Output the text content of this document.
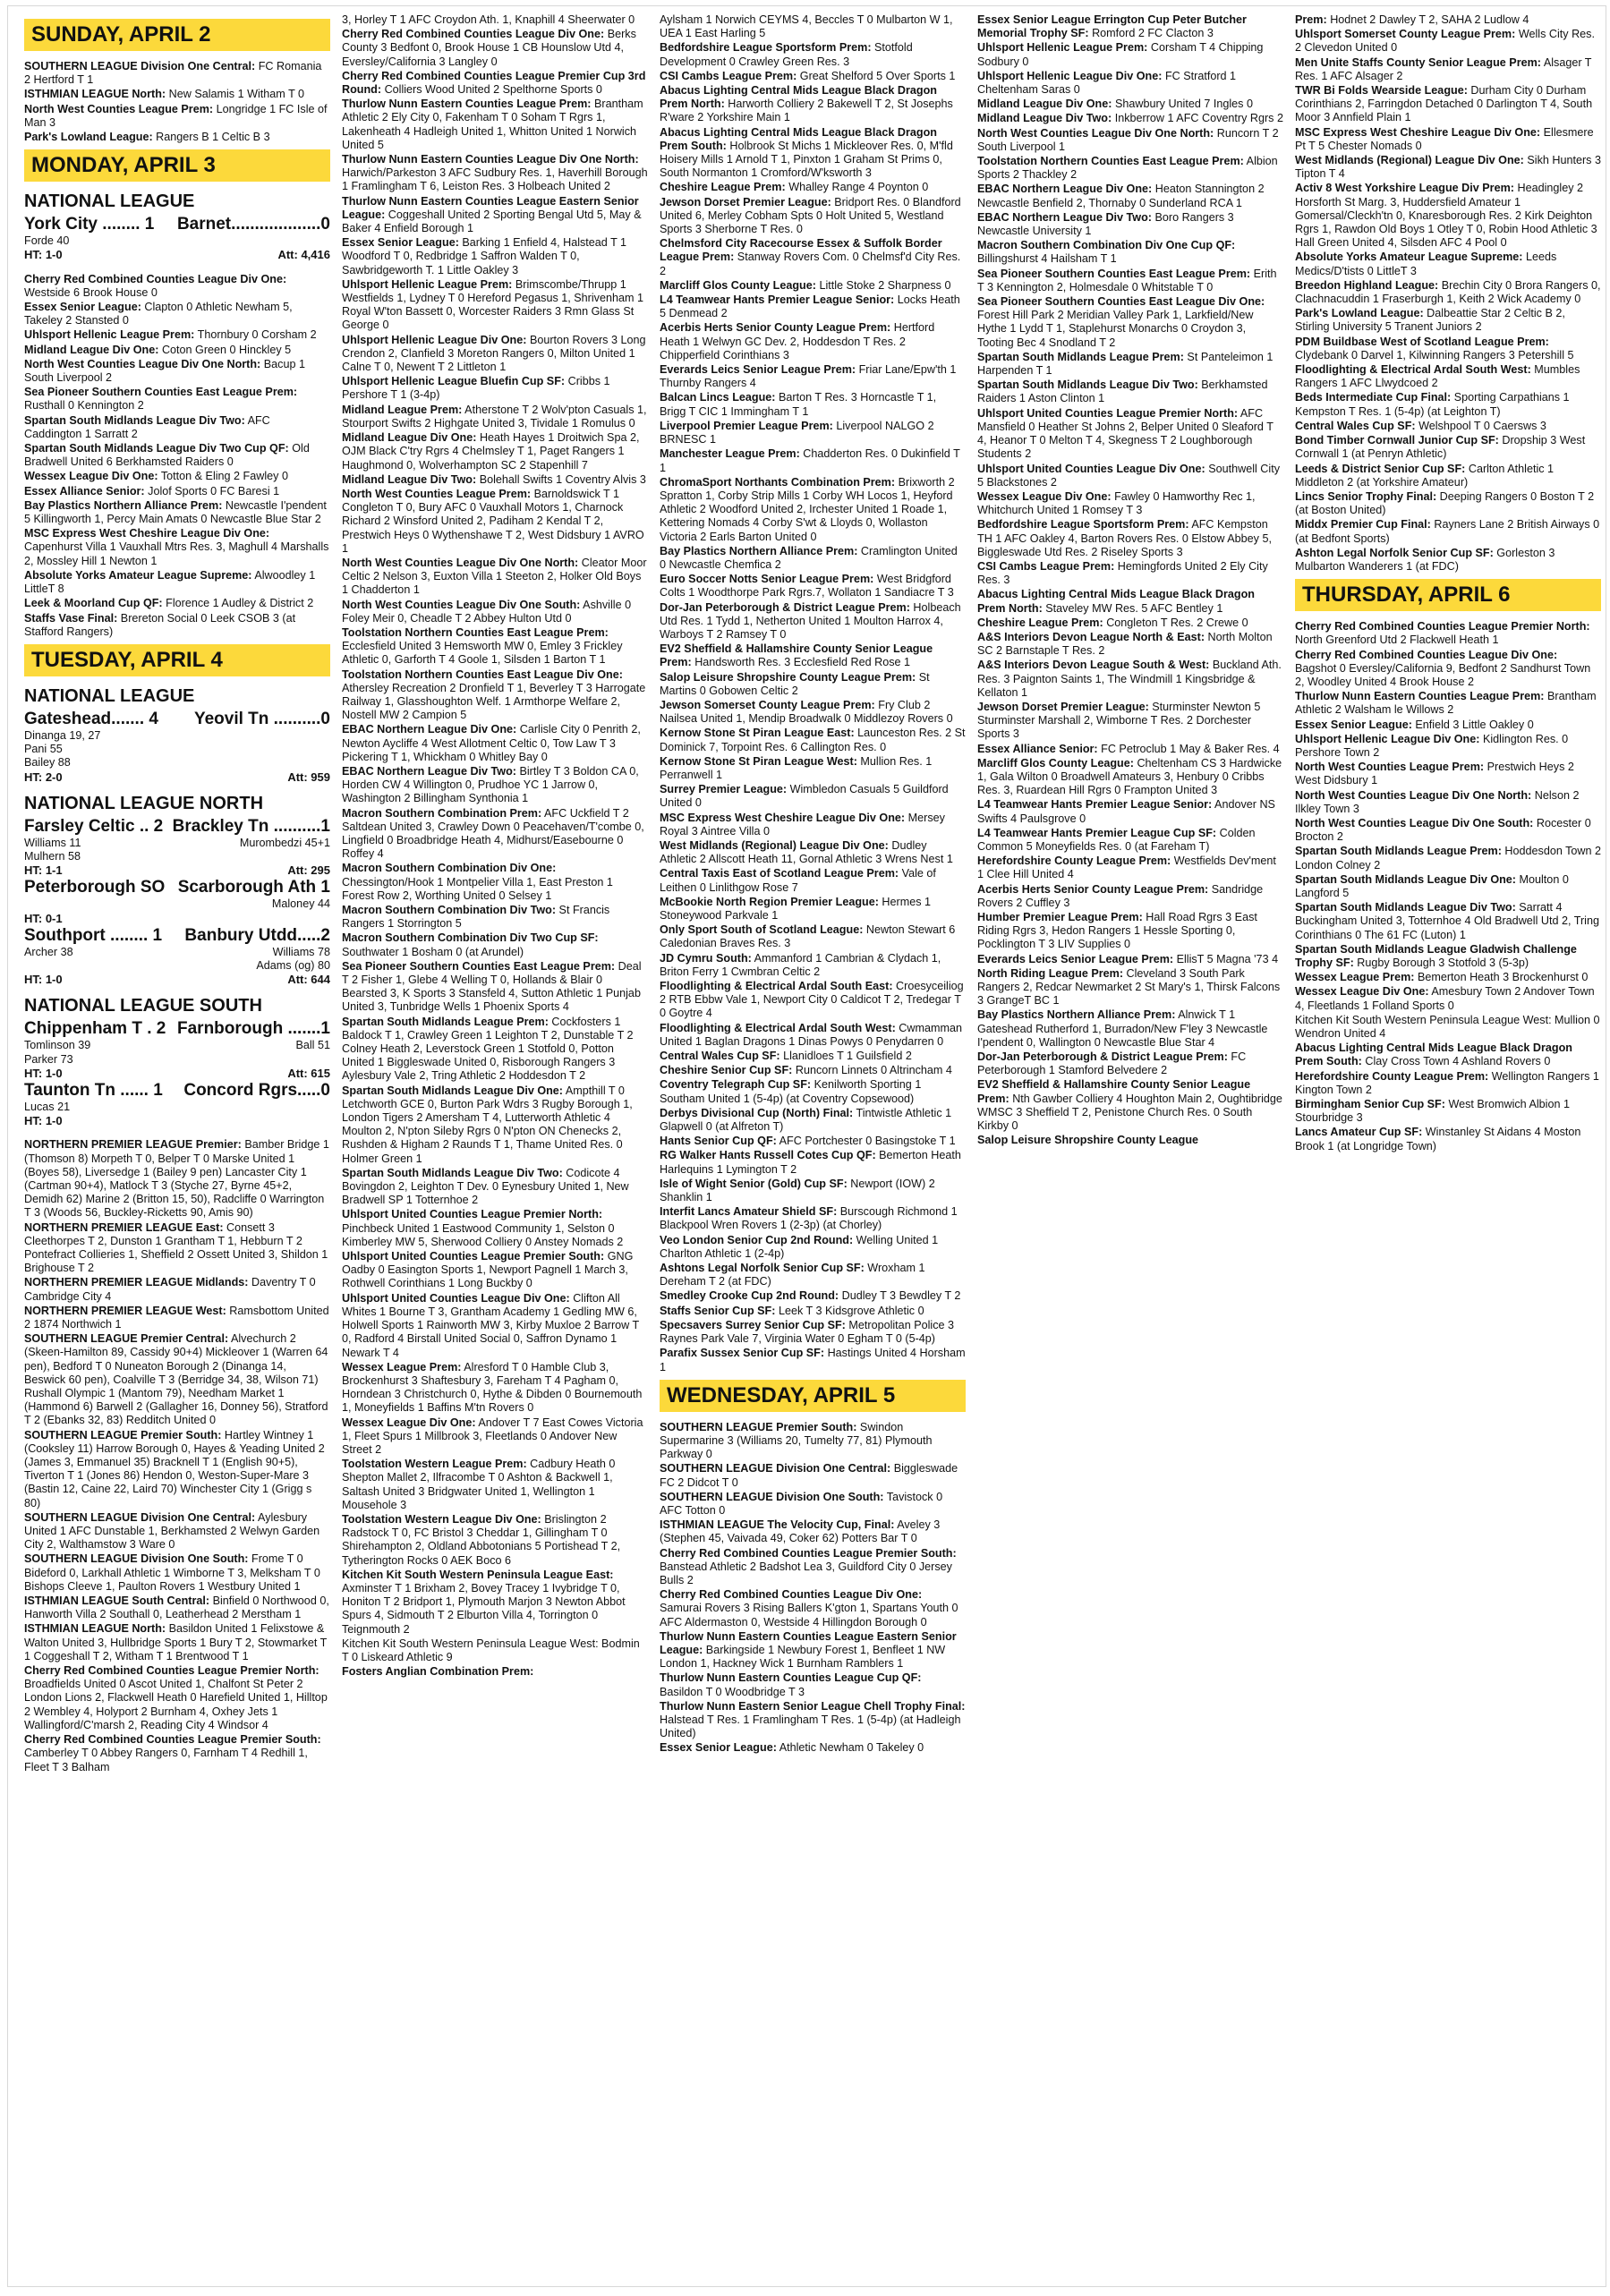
SUNDAY, APRIL 2

SOUTHERN LEAGUE Division One Central: FC Romania 2 Hertford T 1

ISTHMIAN LEAGUE North: New Salamis 1 Witham T 0

North West Counties League Prem: Longridge 1 FC Isle of Man 3

Park's Lowland League: Rangers B 1 Celtic B 3

MONDAY, APRIL 3
NATIONAL LEAGUE
York City ........ 1 Barnet...................0
Forde 40
HT: 1-0	Att: 4,416

Cherry Red Combined Counties League Div One: Westside 6 Brook House 0

Essex Senior League: Clapton 0 Athletic Newham 5, Takeley 2 Stansted 0

Uhlsport Hellenic League Prem: Thornbury 0 Corsham 2

Midland League Div One: Coton Green 0 Hinckley 5

North West Counties League Div One North: Bacup 1 South Liverpool 2

Sea Pioneer Southern Counties East League Prem: Rusthall 0 Kennington 2

Spartan South Midlands League Div Two: AFC Caddington 1 Sarratt 2

Spartan South Midlands League Div Two Cup QF: Old Bradwell United 6 Berkhamsted Raiders 0

Wessex League Div One: Totton & Eling 2 Fawley 0

Essex Alliance Senior: Jolof Sports 0 FC Baresi 1

Bay Plastics Northern Alliance Prem: Newcastle I'pendent 5 Killingworth 1, Percy Main Amats 0 Newcastle Blue Star 2

MSC Express West Cheshire League Div One: Capenhurst Villa 1 Vauxhall Mtrs Res. 3, Maghull 4 Marshalls 2, Mossley Hill 1 Newton 1

Absolute Yorks Amateur League Supreme: Alwoodley 1 LittleT 8

Leek & Moorland Cup QF: Florence 1 Audley & District 2

Staffs Vase Final: Brereton Social 0 Leek CSOB 3 (at Stafford Rangers)

TUESDAY, APRIL 4
NATIONAL LEAGUE
Gateshead....... 4 Yeovil Tn ..........0
Dinanga 19, 27
Pani 55
Bailey 88
HT: 2-0	Att: 959
NATIONAL LEAGUE NORTH
Farsley Celtic .. 2 Brackley Tn ..........1
Williams 11	Murombedzi 45+1
Mulhern 58
HT: 1-1	Att: 295
Peterborough SO Scarborough Ath 1
Maloney 44
HT: 0-1
Southport ........ 1 Banbury Utdd.....2
Archer 38	Williams 78
Adams (og) 80
HT: 1-0	Att: 644
NATIONAL LEAGUE SOUTH
Chippenham T . 2 Farnborough .......1
Tomlinson 39	Ball 51
Parker 73
HT: 1-0	Att: 615
Taunton Tn ...... 1 Concord Rgrs.....0
Lucas 21
HT: 1-0

NORTHERN PREMIER LEAGUE Premier: Bamber Bridge 1 (Thomson 8) Morpeth T 0, Belper T 0 Marske United 1 (Boyes 58), Liversedge 1 (Bailey 9 pen) Lancaster City 1 (Cartman 90+4), Matlock T 3 (Styche 27, Byrne 45+2, Demidh 62) Marine 2 (Britton 15, 50), Radcliffe 0 Warrington T 3 (Woods 56, Buckley-Ricketts 90, Amis 90)

NORTHERN PREMIER LEAGUE East: Consett 3 Cleethorpes T 2, Dunston 1 Grantham T 1, Hebburn T 2 Pontefract Collieries 1, Sheffield 2 Ossett United 3, Shildon 1 Brighouse T 2

NORTHERN PREMIER LEAGUE Midlands: Daventry T 0 Cambridge City 4

NORTHERN PREMIER LEAGUE West: Ramsbottom United 2 1874 Northwich 1

SOUTHERN LEAGUE Premier Central: Alvechurch 2 (Skeen-Hamilton 89, Cassidy 90+4) Mickleover 1 (Warren 64 pen), Bedford T 0 Nuneaton Borough 2 (Dinanga 14, Beswick 60 pen), Coalville T 3 (Berridge 34, 38, Wilson 71) Rushall Olympic 1 (Mantom 79), Needham Market 1 (Hammond 6) Barwell 2 (Gallagher 16, Donney 56), Stratford T 2 (Ebanks 32, 83) Redditch United 0

SOUTHERN LEAGUE Premier South: Hartley Wintney 1 (Cooksley 11) Harrow Borough 0, Hayes & Yeading United 2 (James 3, Emmanuel 35) Bracknell T 1 (English 90+5), Tiverton T 1 (Jones 86) Hendon 0, Weston-Super-Mare 3 (Bastin 12, Caine 22, Laird 70) Winchester City 1 (Grigg s 80)

SOUTHERN LEAGUE Division One Central: Aylesbury United 1 AFC Dunstable 1, Berkhamsted 2 Welwyn Garden City 2, Walthamstow 3 Ware 0

SOUTHERN LEAGUE Division One South: Frome T 0 Bideford 0, Larkhall Athletic 1 Wimborne T 3, Melksham T 0 Bishops Cleeve 1, Paulton Rovers 1 Westbury United 1

ISTHMIAN LEAGUE South Central: Binfield 0 Northwood 0, Hanworth Villa 2 Southall 0, Leatherhead 2 Merstham 1

ISTHMIAN LEAGUE North: Basildon United 1 Felixstowe & Walton United 3, Hullbridge Sports 1 Bury T 2, Stowmarket T 1 Coggeshall T 2, Witham T 1 Brentwood T 1

Cherry Red Combined Counties League Premier North: Broadfields United 0 Ascot United 1, Chalfont St Peter 2 London Lions 2, Flackwell Heath 0 Harefield United 1, Hilltop 2 Wembley 4, Holyport 2 Burnham 4, Oxhey Jets 1 Wallingford/C'marsh 2, Reading City 4 Windsor 4

Cherry Red Combined Counties League Premier South: Camberley T 0 Abbey Rangers 0, Farnham T 4 Redhill 1, Fleet T 3 Balham

3, Horley T 1 AFC Croydon Ath. 1, Knaphill 4 Sheerwater 0

Cherry Red Combined Counties League Div One: Berks County 3 Bedfont 0, Brook House 1 CB Hounslow Utd 4, Eversley/California 3 Langley 0

Cherry Red Combined Counties League Premier Cup 3rd Round: Colliers Wood United 2 Spelthorne Sports 0

Thurlow Nunn Eastern Counties League Prem: Brantham Athletic 2 Ely City 0, Fakenham T 0 Soham T Rgrs 1, Lakenheath 4 Hadleigh United 1, Whitton United 1 Norwich United 5

Thurlow Nunn Eastern Counties League Div One North: Harwich/Parkeston 3 AFC Sudbury Res. 1, Haverhill Borough 1 Framlingham T 6, Leiston Res. 3 Holbeach United 2

Thurlow Nunn Eastern Counties League Eastern Senior League: Coggeshall United 2 Sporting Bengal Utd 5, May & Baker 4 Enfield Borough 1

Essex Senior League: Barking 1 Enfield 4, Halstead T 1 Woodford T 0, Redbridge 1 Saffron Walden T 0, Sawbridgeworth T. 1 Little Oakley 3

Uhlsport Hellenic League Prem: Brimscombe/Thrupp 1 Westfields 1, Lydney T 0 Hereford Pegasus 1, Shrivenham 1 Royal W'ton Bassett 0, Worcester Raiders 3 Rmn Glass St George 0

Uhlsport Hellenic League Div One: Bourton Rovers 3 Long Crendon 2, Clanfield 3 Moreton Rangers 0, Milton United 1 Calne T 0, Newent T 2 Littleton 1

Uhlsport Hellenic League Bluefin Cup SF: Cribbs 1 Pershore T 1 (3-4p)

Midland League Prem: Atherstone T 2 Wolv'pton Casuals 1, Stourport Swifts 2 Highgate United 3, Tividale 1 Romulus 0

Midland League Div One: Heath Hayes 1 Droitwich Spa 2, OJM Black C'try Rgrs 4 Chelmsley T 1, Paget Rangers 1 Haughmond 0, Wolverhampton SC 2 Stapenhill 7

Midland League Div Two: Bolehall Swifts 1 Coventry Alvis 3

North West Counties League Prem: Barnoldswick T 1 Congleton T 0, Bury AFC 0 Vauxhall Motors 1, Charnock Richard 2 Winsford United 2, Padiham 2 Kendal T 2, Prestwich Heys 0 Wythenshawe T 2, West Didsbury 1 AVRO 1

North West Counties League Div One North: Cleator Moor Celtic 2 Nelson 3, Euxton Villa 1 Steeton 2, Holker Old Boys 1 Chadderton 1

North West Counties League Div One South: Ashville 0 Foley Meir 0, Cheadle T 2 Abbey Hulton Utd 0

Toolstation Northern Counties East League Prem: Ecclesfield United 3 Hemsworth MW 0, Emley 3 Frickley Athletic 0, Garforth T 4 Goole 1, Silsden 1 Barton T 1

Toolstation Northern Counties East League Div One: Athersley Recreation 2 Dronfield T 1, Beverley T 3 Harrogate Railway 1, Glasshoughton Welf. 1 Armthorpe Welfare 2, Nostell MW 2 Campion 5

EBAC Northern League Div One: Carlisle City 0 Penrith 2, Newton Aycliffe 4 West Allotment Celtic 0, Tow Law T 3 Pickering T 1, Whickham 0 Whitley Bay 0

EBAC Northern League Div Two: Birtley T 3 Boldon CA 0, Horden CW 4 Willington 0, Prudhoe YC 1 Jarrow 0, Washington 2 Billingham Synthonia 1

Macron Southern Combination Prem: AFC Uckfield T 2 Saltdean United 3, Crawley Down 0 Peacehaven/T'combe 0, Lingfield 0 Broadbridge Heath 4, Midhurst/Easebourne 0 Roffey 4

Macron Southern Combination Div One: Chessington/Hook 1 Montpelier Villa 1, East Preston 1 Forest Row 2, Worthing United 0 Selsey 1

Macron Southern Combination Div Two: St Francis Rangers 1 Storrington 5

Macron Southern Combination Div Two Cup SF: Southwater 1 Bosham 0 (at Arundel)

Sea Pioneer Southern Counties East League Prem: Deal T 2 Fisher 1, Glebe 4 Welling T 0, Hollands & Blair 0 Bearsted 3, K Sports 3 Stansfeld 4, Sutton Athletic 1 Punjab United 3, Tunbridge Wells 1 Phoenix Sports 4

Spartan South Midlands League Prem: Cockfosters 1 Baldock T 1, Crawley Green 1 Leighton T 2, Dunstable T 2 Colney Heath 2, Leverstock Green 1 Stotfold 0, Potton United 1 Biggleswade United 0, Risborough Rangers 3 Aylesbury Vale 2, Tring Athletic 2 Hoddesdon T 2

Spartan South Midlands League Div One: Ampthill T 0 Letchworth GCE 0, Burton Park Wdrs 3 Rugby Borough 1, London Tigers 2 Amersham T 4, Lutterworth Athletic 4 Moulton 2, N'pton Sileby Rgrs 0 N'pton ON Chenecks 2, Rushden & Higham 2 Raunds T 1, Thame United Res. 0 Holmer Green 1

Spartan South Midlands League Div Two: Codicote 4 Bovingdon 2, Leighton T Dev. 0 Eynesbury United 1, New Bradwell SP 1 Totternhoe 2

Uhlsport United Counties League Premier North: Pinchbeck United 1 Eastwood Community 1, Selston 0 Kimberley MW 5, Sherwood Colliery 0 Anstey Nomads 2

Uhlsport United Counties League Premier South: GNG Oadby 0 Easington Sports 1, Newport Pagnell 1 March 3, Rothwell Corinthians 1 Long Buckby 0

Uhlsport United Counties League Div One: Clifton All Whites 1 Bourne T 3, Grantham Academy 1 Gedling MW 6, Holwell Sports 1 Rainworth MW 3, Kirby Muxloe 2 Barrow T 0, Radford 4 Birstall United Social 0, Saffron Dynamo 1 Newark T 4

Wessex League Prem: Alresford T 0 Hamble Club 3, Brockenhurst 3 Shaftesbury 3, Fareham T 4 Pagham 0, Horndean 3 Christchurch 0, Hythe & Dibden 0 Bournemouth 1, Moneyfields 1 Baffins M'tn Rovers 0

Wessex League Div One: Andover T 7 East Cowes Victoria 1, Fleet Spurs 1 Millbrook 3, Fleetlands 0 Andover New Street 2

Toolstation Western League Prem: Cadbury Heath 0 Shepton Mallet 2, Ilfracombe T 0 Ashton & Backwell 1, Saltash United 3 Bridgwater United 1, Wellington 1 Mousehole 3

Toolstation Western League Div One: Brislington 2 Radstock T 0, FC Bristol 3 Cheddar 1, Gillingham T 0 Shirehampton 2, Oldland Abbotonians 5 Portishead T 2, Tytherington Rocks 0 AEK Boco 6

Kitchen Kit South Western Peninsula League East: Axminster T 1 Brixham 2, Bovey Tracey 1 Ivybridge T 0, Honiton T 2 Bridport 1, Plymouth Marjon 3 Newton Abbot Spurs 4, Sidmouth T 2 Elburton Villa 4, Torrington 0 Teignmouth 2

Kitchen Kit South Western Peninsula League West: Bodmin T 0 Liskeard Athletic 9

Fosters Anglian Combination Prem:

Aylsham 1 Norwich CEYMS 4, Beccles T 0 Mulbarton W 1, UEA 1 East Harling 5

Bedfordshire League Sportsform Prem: Stotfold Development 0 Crawley Green Res. 3

CSI Cambs League Prem: Great Shelford 5 Over Sports 1

Abacus Lighting Central Mids League Black Dragon Prem North: Harworth Colliery 2 Bakewell T 2, St Josephs R'ware 2 Yorkshire Main 1

Abacus Lighting Central Mids League Black Dragon Prem South: Holbrook St Michs 1 Mickleover Res. 0, M'fld Hoisery Mills 1 Arnold T 1, Pinxton 1 Graham St Prims 0, South Normanton 1 Cromford/W'ksworth 3

Cheshire League Prem: Whalley Range 4 Poynton 0

Jewson Dorset Premier League: Bridport Res. 0 Blandford United 6, Merley Cobham Spts 0 Holt United 5, Westland Sports 3 Sherborne T Res. 0

Chelmsford City Racecourse Essex & Suffolk Border League Prem: Stanway Rovers Com. 0 Chelmsf'd City Res. 2

Marcliff Glos County League: Little Stoke 2 Sharpness 0

L4 Teamwear Hants Premier League Senior: Locks Heath 5 Denmead 2

Acerbis Herts Senior County League Prem: Hertford Heath 1 Welwyn GC Dev. 2, Hoddesdon T Res. 2 Chipperfield Corinthians 3

Everards Leics Senior League Prem: Friar Lane/Epw'th 1 Thurnby Rangers 4

Balcan Lincs League: Barton T Res. 3 Horncastle T 1, Brigg T CIC 1 Immingham T 1

Liverpool Premier League Prem: Liverpool NALGO 2 BRNESC 1

Manchester League Prem: Chadderton Res. 0 Dukinfield T 1

ChromaSport Northants Combination Prem: Brixworth 2 Spratton 1, Corby Strip Mills 1 Corby WH Locos 1, Heyford Athletic 2 Woodford United 2, Irchester United 1 Roade 1, Kettering Nomads 4 Corby S'wt & Lloyds 0, Wollaston Victoria 2 Earls Barton United 0

Bay Plastics Northern Alliance Prem: Cramlington United 0 Newcastle Chemfica 2

Euro Soccer Notts Senior League Prem: West Bridgford Colts 1 Woodthorpe Park Rgrs.7, Wollaton 1 Sandiacre T 3

Dor-Jan Peterborough & District League Prem: Holbeach Utd Res. 1 Tydd 1, Netherton United 1 Moulton Harrox 4, Warboys T 2 Ramsey T 0

EV2 Sheffield & Hallamshire County Senior League Prem: Handsworth Res. 3 Ecclesfield Red Rose 1

Salop Leisure Shropshire County League Prem: St Martins 0 Gobowen Celtic 2

Jewson Somerset County League Prem: Fry Club 2 Nailsea United 1, Mendip Broadwalk 0 Middlezoy Rovers 0

Kernow Stone St Piran League East: Launceston Res. 2 St Dominick 7, Torpoint Res. 6 Callington Res. 0

Kernow Stone St Piran League West: Mullion Res. 1 Perranwell 1

Surrey Premier League: Wimbledon Casuals 5 Guildford United 0

MSC Express West Cheshire League Div One: Mersey Royal 3 Aintree Villa 0

West Midlands (Regional) League Div One: Dudley Athletic 2 Allscott Heath 11, Gornal Athletic 3 Wrens Nest 1

Central Taxis East of Scotland League Prem: Vale of Leithen 0 Linlithgow Rose 7

McBookie North Region Premier League: Hermes 1 Stoneywood Parkvale 1

Only Sport South of Scotland League: Newton Stewart 6 Caledonian Braves Res. 3

JD Cymru South: Ammanford 1 Cambrian & Clydach 1, Briton Ferry 1 Cwmbran Celtic 2

Floodlighting & Electrical Ardal South East: Croesyceiliog 2 RTB Ebbw Vale 1, Newport City 0 Caldicot T 2, Tredegar T 0 Goytre 4

Floodlighting & Electrical Ardal South West: Cwmamman United 1 Baglan Dragons 1 Dinas Powys 0 Penydarren 0

Central Wales Cup SF: Llanidloes T 1 Guilsfield 2

Cheshire Senior Cup SF: Runcorn Linnets 0 Altrincham 4

Coventry Telegraph Cup SF: Kenilworth Sporting 1 Southam United 1 (5-4p) (at Coventry Copsewood)

Derbys Divisional Cup (North) Final: Tintwistle Athletic 1 Glapwell 0 (at Alfreton T)

Hants Senior Cup QF: AFC Portchester 0 Basingstoke T 1

RG Walker Hants Russell Cotes Cup QF: Bemerton Heath Harlequins 1 Lymington T 2

Isle of Wight Senior (Gold) Cup SF: Newport (IOW) 2 Shanklin 1

Interfit Lancs Amateur Shield SF: Burscough Richmond 1 Blackpool Wren Rovers 1 (2-3p) (at Chorley)

Veo London Senior Cup 2nd Round: Welling United 1 Charlton Athletic 1 (2-4p)

Ashtons Legal Norfolk Senior Cup SF: Wroxham 1 Dereham T 2 (at FDC)

Smedley Crooke Cup 2nd Round: Dudley T 3 Bewdley T 2

Staffs Senior Cup SF: Leek T 3 Kidsgrove Athletic 0

Specsavers Surrey Senior Cup SF: Metropolitan Police 3 Raynes Park Vale 7, Virginia Water 0 Egham T 0 (5-4p)

Parafix Sussex Senior Cup SF: Hastings United 4 Horsham 1

WEDNESDAY, APRIL 5

SOUTHERN LEAGUE Premier South: Swindon Supermarine 3 (Williams 20, Tumelty 77, 81) Plymouth Parkway 0

SOUTHERN LEAGUE Division One Central: Biggleswade FC 2 Didcot T 0

SOUTHERN LEAGUE Division One South: Tavistock 0 AFC Totton 0

ISTHMIAN LEAGUE The Velocity Cup, Final: Aveley 3 (Stephen 45, Vaivada 49, Coker 62) Potters Bar T 0

Cherry Red Combined Counties League Premier South: Banstead Athletic 2 Badshot Lea 3, Guildford City 0 Jersey Bulls 2

Cherry Red Combined Counties League Div One: Samurai Rovers 3 Rising Ballers K'gton 1, Spartans Youth 0 AFC Aldermaston 0, Westside 4 Hillingdon Borough 0

Thurlow Nunn Eastern Counties League Eastern Senior League: Barkingside 1 Newbury Forest 1, Benfleet 1 NW London 1, Hackney Wick 1 Burnham Ramblers 1

Thurlow Nunn Eastern Counties League Cup QF: Basildon T 0 Woodbridge T 3

Thurlow Nunn Eastern Senior League Chell Trophy Final: Halstead T Res. 1 Framlingham T Res. 1 (5-4p) (at Hadleigh United)

Essex Senior League: Athletic Newham 0 Takeley 0

Essex Senior League Errington Cup Peter Butcher Memorial Trophy SF: Romford 2 FC Clacton 3

Uhlsport Hellenic League Prem: Corsham T 4 Chipping Sodbury 0

Uhlsport Hellenic League Div One: FC Stratford 1 Cheltenham Saras 0

Midland League Div One: Shawbury United 7 Ingles 0

Midland League Div Two: Inkberrow 1 AFC Coventry Rgrs 2

North West Counties League Div One North: Runcorn T 2 South Liverpool 1

Toolstation Northern Counties East League Prem: Albion Sports 2 Thackley 2

EBAC Northern League Div One: Heaton Stannington 2 Newcastle Benfield 2, Thornaby 0 Sunderland RCA 1

EBAC Northern League Div Two: Boro Rangers 3 Newcastle University 1

Macron Southern Combination Div One Cup QF: Billingshurst 4 Hailsham T 1

Sea Pioneer Southern Counties East League Prem: Erith T 3 Kennington 2, Holmesdale 0 Whitstable T 0

Sea Pioneer Southern Counties East League Div One: Forest Hill Park 2 Meridian Valley Park 1, Larkfield/New Hythe 1 Lydd T 1, Staplehurst Monarchs 0 Croydon 3, Tooting Bec 4 Snodland T 2

Spartan South Midlands League Prem: St Panteleimon 1 Harpenden T 1

Spartan South Midlands League Div Two: Berkhamsted Raiders 1 Aston Clinton 1

Uhlsport United Counties League Premier North: AFC Mansfield 0 Heather St Johns 2, Belper United 0 Sleaford T 4, Heanor T 0 Melton T 4, Skegness T 2 Loughborough Students 2

Uhlsport United Counties League Div One: Southwell City 5 Blackstones 2

Wessex League Div One: Fawley 0 Hamworthy Rec 1, Whitchurch United 1 Romsey T 3

Bedfordshire League Sportsform Prem: AFC Kempston TH 1 AFC Oakley 4, Barton Rovers Res. 0 Elstow Abbey 5, Biggleswade Utd Res. 2 Riseley Sports 3

CSI Cambs League Prem: Hemingfords United 2 Ely City Res. 3

Abacus Lighting Central Mids League Black Dragon Prem North: Staveley MW Res. 5 AFC Bentley 1

Cheshire League Prem: Congleton T Res. 2 Crewe 0

A&S Interiors Devon League North & East: North Molton SC 2 Barnstaple T Res. 2

A&S Interiors Devon League South & West: Buckland Ath. Res. 3 Paignton Saints 1, The Windmill 1 Kingsbridge & Kellaton 1

Jewson Dorset Premier League: Sturminster Newton 5 Sturminster Marshall 2, Wimborne T Res. 2 Dorchester Sports 3

Essex Alliance Senior: FC Petroclub 1 May & Baker Res. 4

Marcliff Glos County League: Cheltenham CS 3 Hardwicke 1, Gala Wilton 0 Broadwell Amateurs 3, Henbury 0 Cribbs Res. 3, Ruardean Hill Rgrs 0 Frampton United 3

L4 Teamwear Hants Premier League Senior: Andover NS Swifts 4 Paulsgrove 0

L4 Teamwear Hants Premier League Cup SF: Colden Common 5 Moneyfields Res. 0 (at Fareham T)

Herefordshire County League Prem: Westfields Dev'ment 1 Clee Hill United 4

Acerbis Herts Senior County League Prem: Sandridge Rovers 2 Cuffley 3

Humber Premier League Prem: Hall Road Rgrs 3 East Riding Rgrs 3, Hedon Rangers 1 Hessle Sporting 0, Pocklington T 3 LIV Supplies 0

Everards Leics Senior League Prem: EllisT 5 Magna '73 4

North Riding League Prem: Cleveland 3 South Park Rangers 2, Redcar Newmarket 2 St Mary's 1, Thirsk Falcons 3 GrangeT BC 1

Bay Plastics Northern Alliance Prem: Alnwick T 1 Gateshead Rutherford 1, Burradon/New F'ley 3 Newcastle I'pendent 0, Wallington 0 Newcastle Blue Star 4

Dor-Jan Peterborough & District League Prem: FC Peterborough 1 Stamford Belvedere 2

EV2 Sheffield & Hallamshire County Senior League Prem: Nth Gawber Colliery 4 Houghton Main 2, Oughtibridge WMSC 3 Sheffield T 2, Penistone Church Res. 0 South Kirkby 0

Salop Leisure Shropshire County League

Prem: Hodnet 2 Dawley T 2, SAHA 2 Ludlow 4

Uhlsport Somerset County League Prem: Wells City Res. 2 Clevedon United 0

Men Unite Staffs County Senior League Prem: Alsager T Res. 1 AFC Alsager 2

TWR Bi Folds Wearside League: Durham City 0 Durham Corinthians 2, Farringdon Detached 0 Darlington T 4, South Moor 3 Annfield Plain 1

MSC Express West Cheshire League Div One: Ellesmere Pt T 5 Chester Nomads 0

West Midlands (Regional) League Div One: Sikh Hunters 3 Tipton T 4

Activ 8 West Yorkshire League Div Prem: Headingley 2 Horsforth St Marg. 3, Huddersfield Amateur 1 Gomersal/Cleckh'tn 0, Knaresborough Res. 2 Kirk Deighton Rgrs 1, Rawdon Old Boys 1 Otley T 0, Robin Hood Athletic 3 Hall Green United 4, Silsden AFC 4 Pool 0

Absolute Yorks Amateur League Supreme: Leeds Medics/D'tists 0 LittleT 3

Breedon Highland League: Brechin City 0 Brora Rangers 0, Clachnacuddin 1 Fraserburgh 1, Keith 2 Wick Academy 0

Park's Lowland League: Dalbeattie Star 2 Celtic B 2, Stirling University 5 Tranent Juniors 2

PDM Buildbase West of Scotland League Prem: Clydebank 0 Darvel 1, Kilwinning Rangers 3 Petershill 5

Floodlighting & Electrical Ardal South West: Mumbles Rangers 1 AFC Llwydcoed 2

Beds Intermediate Cup Final: Sporting Carpathians 1 Kempston T Res. 1 (5-4p) (at Leighton T)

Central Wales Cup SF: Welshpool T 0 Caersws 3

Bond Timber Cornwall Junior Cup SF: Dropship 3 West Cornwall 1 (at Penryn Athletic)

Leeds & District Senior Cup SF: Carlton Athletic 1 Middleton 2 (at Yorkshire Amateur)

Lincs Senior Trophy Final: Deeping Rangers 0 Boston T 2 (at Boston United)

Middx Premier Cup Final: Rayners Lane 2 British Airways 0 (at Bedfont Sports)

Ashton Legal Norfolk Senior Cup SF: Gorleston 3 Mulbarton Wanderers 1 (at FDC)

THURSDAY, APRIL 6

Cherry Red Combined Counties League Premier North: North Greenford Utd 2 Flackwell Heath 1

Cherry Red Combined Counties League Div One: Bagshot 0 Eversley/California 9, Bedfont 2 Sandhurst Town 2, Woodley United 4 Brook House 2

Thurlow Nunn Eastern Counties League Prem: Brantham Athletic 2 Walsham le Willows 2

Essex Senior League: Enfield 3 Little Oakley 0

Uhlsport Hellenic League Div One: Kidlington Res. 0 Pershore Town 2

North West Counties League Prem: Prestwich Heys 2 West Didsbury 1

North West Counties League Div One North: Nelson 2 Ilkley Town 3

North West Counties League Div One South: Rocester 0 Brocton 2

Spartan South Midlands League Prem: Hoddesdon Town 2 London Colney 2

Spartan South Midlands League Div One: Moulton 0 Langford 5

Spartan South Midlands League Div Two: Sarratt 4 Buckingham United 3, Totternhoe 4 Old Bradwell Utd 2, Tring Corinthians 0 The 61 FC (Luton) 1

Spartan South Midlands League Gladwish Challenge Trophy SF: Rugby Borough 3 Stotfold 3 (5-3p)

Wessex League Prem: Bemerton Heath 3 Brockenhurst 0

Wessex League Div One: Amesbury Town 2 Andover Town 4, Fleetlands 1 Folland Sports 0

Kitchen Kit South Western Peninsula League West: Mullion 0 Wendron United 4

Abacus Lighting Central Mids League Black Dragon Prem South: Clay Cross Town 4 Ashland Rovers 0

Herefordshire County League Prem: Wellington Rangers 1 Kington Town 2

Birmingham Senior Cup SF: West Bromwich Albion 1 Stourbridge 3

Lancs Amateur Cup SF: Winstanley St Aidans 4 Moston Brook 1 (at Longridge Town)
